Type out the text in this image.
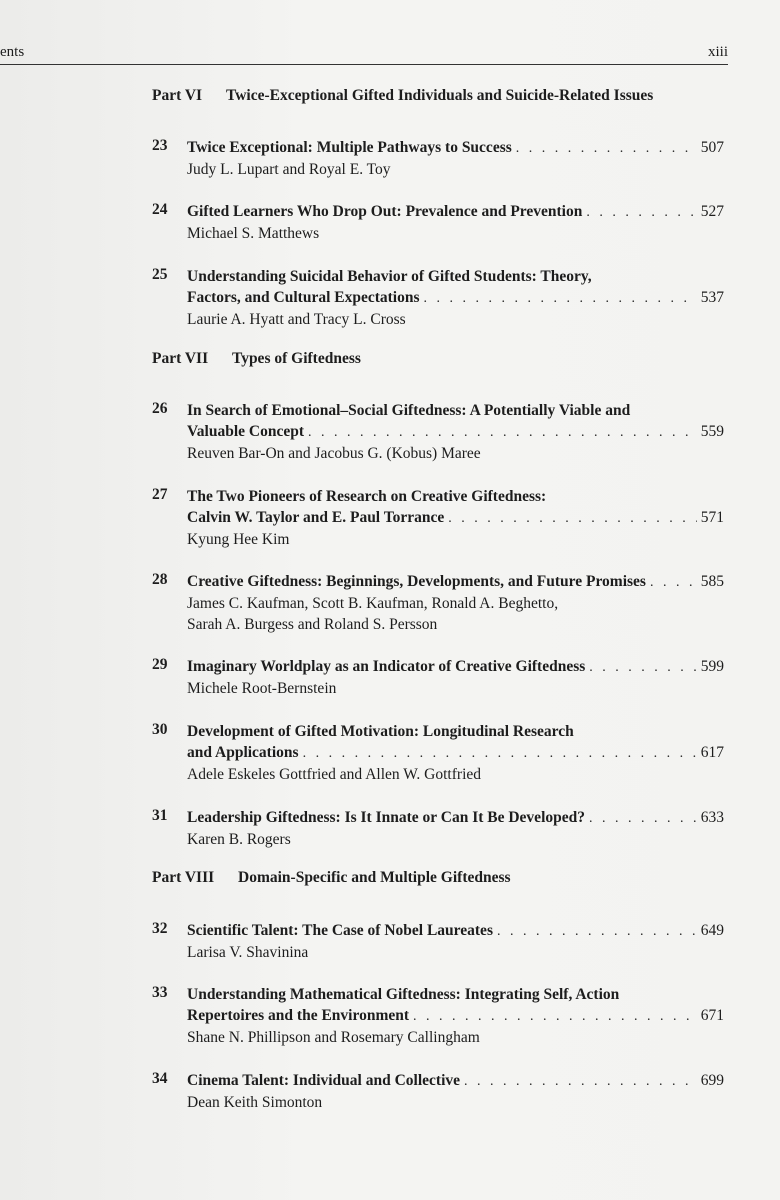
ents	xiii
Part VI Twice-Exceptional Gifted Individuals and Suicide-Related Issues
Part VII Types of Giftedness
Part VIII Domain-Specific and Multiple Giftedness
23 Twice Exceptional: Multiple Pathways to Success . . .	507
Judy L. Lupart and Royal E. Toy
24 Gifted Learners Who Drop Out: Prevalence and Prevention . . .	527
Michael S. Matthews
25 Understanding Suicidal Behavior of Gifted Students: Theory,
Factors, and Cultural Expectations . . .	537
Laurie A. Hyatt and Tracy L. Cross
26 In Search of Emotional–Social Giftedness: A Potentially Viable and
Valuable Concept . . .	559
Reuven Bar-On and Jacobus G. (Kobus) Maree
27 The Two Pioneers of Research on Creative Giftedness:
Calvin W. Taylor and E. Paul Torrance . . .	571
Kyung Hee Kim
28 Creative Giftedness: Beginnings, Developments, and Future Promises . . .	585
James C. Kaufman, Scott B. Kaufman, Ronald A. Beghetto,
Sarah A. Burgess and Roland S. Persson
29 Imaginary Worldplay as an Indicator of Creative Giftedness . . .	599
Michele Root-Bernstein
30 Development of Gifted Motivation: Longitudinal Research
and Applications . . .	617
Adele Eskeles Gottfried and Allen W. Gottfried
31 Leadership Giftedness: Is It Innate or Can It Be Developed? . . .	633
Karen B. Rogers
32 Scientific Talent: The Case of Nobel Laureates . . .	649
Larisa V. Shavinina
33 Understanding Mathematical Giftedness: Integrating Self, Action
Repertoires and the Environment . . .	671
Shane N. Phillipson and Rosemary Callingham
34 Cinema Talent: Individual and Collective . . .	699
Dean Keith Simonton
